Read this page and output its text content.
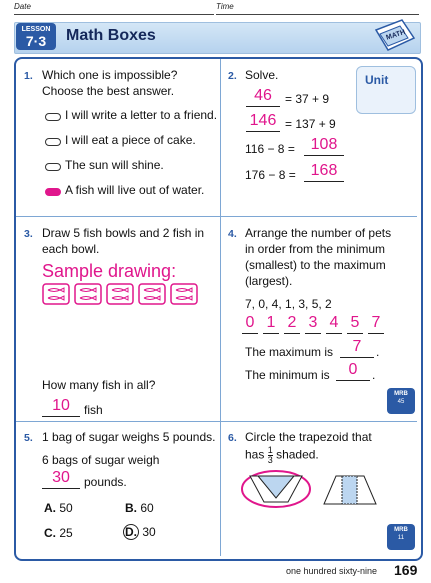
Date	Time
LESSON
7·3	Math Boxes	MATH
1. Which one is impossible?
Choose the best answer.
I will write a letter to a friend.
I will eat a piece of cake.
The sun will shine.
A fish will live out of water.
2. Solve.	Unit
46	= 37 + 9
146 = 137 + 9
116 − 8 = 108
176 − 8 = 168
3. Draw 5 fish bowls and 2 fish in
each bowl.
Sample drawing:
How many fish in all?
10	fish
4. Arrange the number of pets
in order from the minimum
(smallest) to the maximum
(largest).
7, 0, 4, 1, 3, 5, 2
0 1 2 3 4 5 7
The maximum is	7	.
The minimum is	0	.
MRB
45
5. 1 bag of sugar weighs 5 pounds.
6 bags of sugar weigh
30	pounds.
A. 50	B. 60
C. 25	D. 30
6. Circle the trapezoid that
has $\frac{1}{3}$ shaded.
MRB
11
one hundred sixty-nine 169
